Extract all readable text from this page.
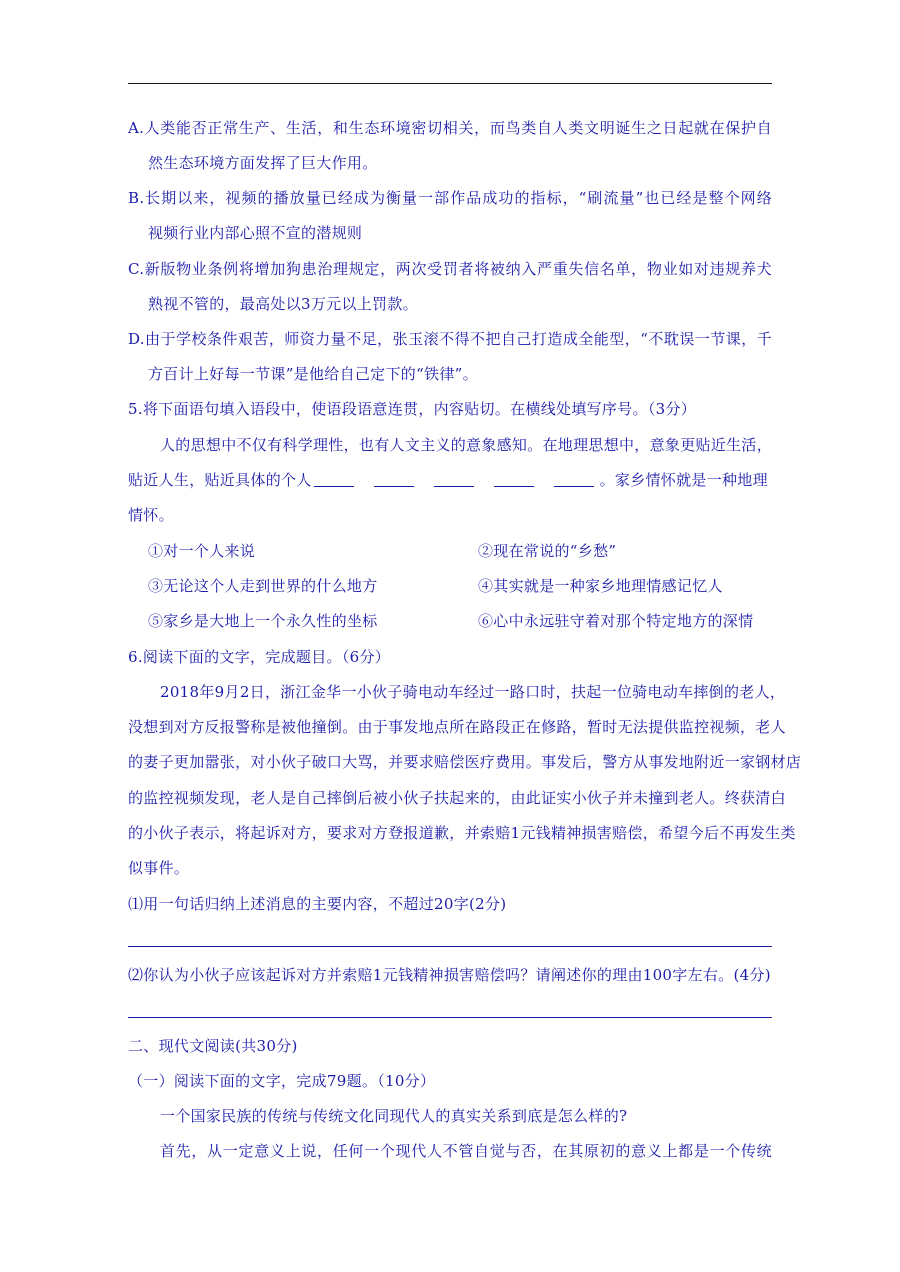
A.人类能否正常生产、生活，和生态环境密切相关，而鸟类自人类文明诞生之日起就在保护自
然生态环境方面发挥了巨大作用。
B.长期以来，视频的播放量已经成为衡量一部作品成功的指标，“刷流量”也已经是整个网络
视频行业内部心照不宣的潜规则
C.新版物业条例将增加狗患治理规定，两次受罚者将被纳入严重失信名单，物业如对违规养犬
熟视不管的，最高处以3万元以上罚款。
D.由于学校条件艰苦，师资力量不足，张玉滚不得不把自己打造成全能型，“不耽误一节课，千
方百计上好每一节课”是他给自己定下的“铁律”。
5.将下面语句填入语段中，使语段语意连贯，内容贴切。在横线处填写序号。（3分）
人的思想中不仅有科学理性，也有人文主义的意象感知。在地理思想中，意象更贴近生活，
贴近人生，贴近具体的个人	。家乡情怀就是一种地理
情怀。
①对一个人来说	②现在常说的“乡愁”
③无论这个人走到世界的什么地方	④其实就是一种家乡地理情感记忆人
⑤家乡是大地上一个永久性的坐标	⑥心中永远驻守着对那个特定地方的深情
6.阅读下面的文字，完成题目。（6分）
2018年9月2日，浙江金华一小伙子骑电动车经过一路口时，扶起一位骑电动车摔倒的老人，
没想到对方反报警称是被他撞倒。由于事发地点所在路段正在修路，暂时无法提供监控视频，老人
的妻子更加嚣张，对小伙子破口大骂，并要求赔偿医疗费用。事发后，警方从事发地附近一家钢材店
的监控视频发现，老人是自己摔倒后被小伙子扶起来的，由此证实小伙子并未撞到老人。终获清白
的小伙子表示，将起诉对方，要求对方登报道歉，并索赔1元钱精神损害赔偿，希望今后不再发生类
似事件。
⑴用一句话归纳上述消息的主要内容，不超过20字(2分)
⑵你认为小伙子应该起诉对方并索赔1元钱精神损害赔偿吗？请阐述你的理由100字左右。(4分)
二、现代文阅读(共30分)
（一）阅读下面的文字，完成79题。（10分）
一个国家民族的传统与传统文化同现代人的真实关系到底是怎么样的?
首先，从一定意义上说，任何一个现代人不管自觉与否，在其原初的意义上都是一个传统
